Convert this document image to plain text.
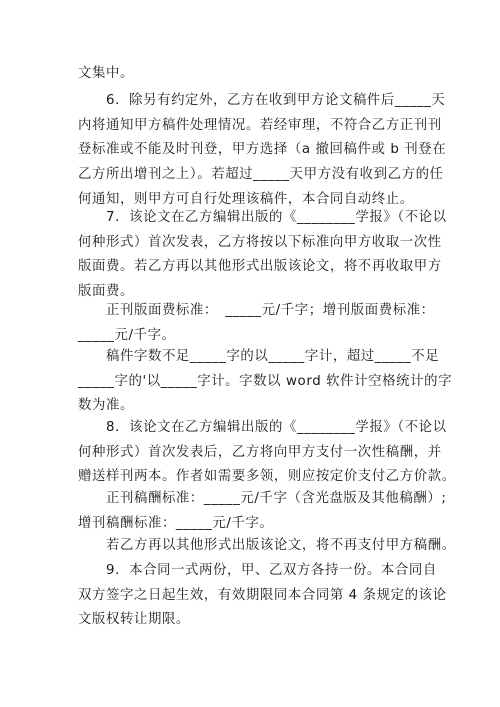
文集中。

　　6．除另有约定外，乙方在收到甲方论文稿件后_____天
内将通知甲方稿件处理情况。若经审理，不符合乙方正刊刊
登标准或不能及时刊登，甲方选择（a 撤回稿件或 b 刊登在
乙方所出增刊之上）。若超过_____天甲方没有收到乙方的任
何通知，则甲方可自行处理该稿件，本合同自动终止。

　　7．该论文在乙方编辑出版的《________学报》（不论以
何种形式）首次发表，乙方将按以下标准向甲方收取一次性
版面费。若乙方再以其他形式出版该论文，将不再收取甲方
版面费。

　　正刊版面费标准：　_____元/千字；增刊版面费标准：
_____元/千字。

　　稿件字数不足_____字的以_____字计，超过_____不足
_____字的'以_____字计。字数以 word 软件计空格统计的字
数为准。

　　8．该论文在乙方编辑出版的《________学报》（不论以
何种形式）首次发表后，乙方将向甲方支付一次性稿酬，并
赠送样刊两本。作者如需要多领，则应按定价支付乙方价款。

　　正刊稿酬标准：_____元/千字（含光盘版及其他稿酬）;
增刊稿酬标准：_____元/千字。

　　若乙方再以其他形式出版该论文，将不再支付甲方稿酬。

　　9．本合同一式两份，甲、乙双方各持一份。本合同自
双方签字之日起生效，有效期限同本合同第 4 条规定的该论
文版权转让期限。
